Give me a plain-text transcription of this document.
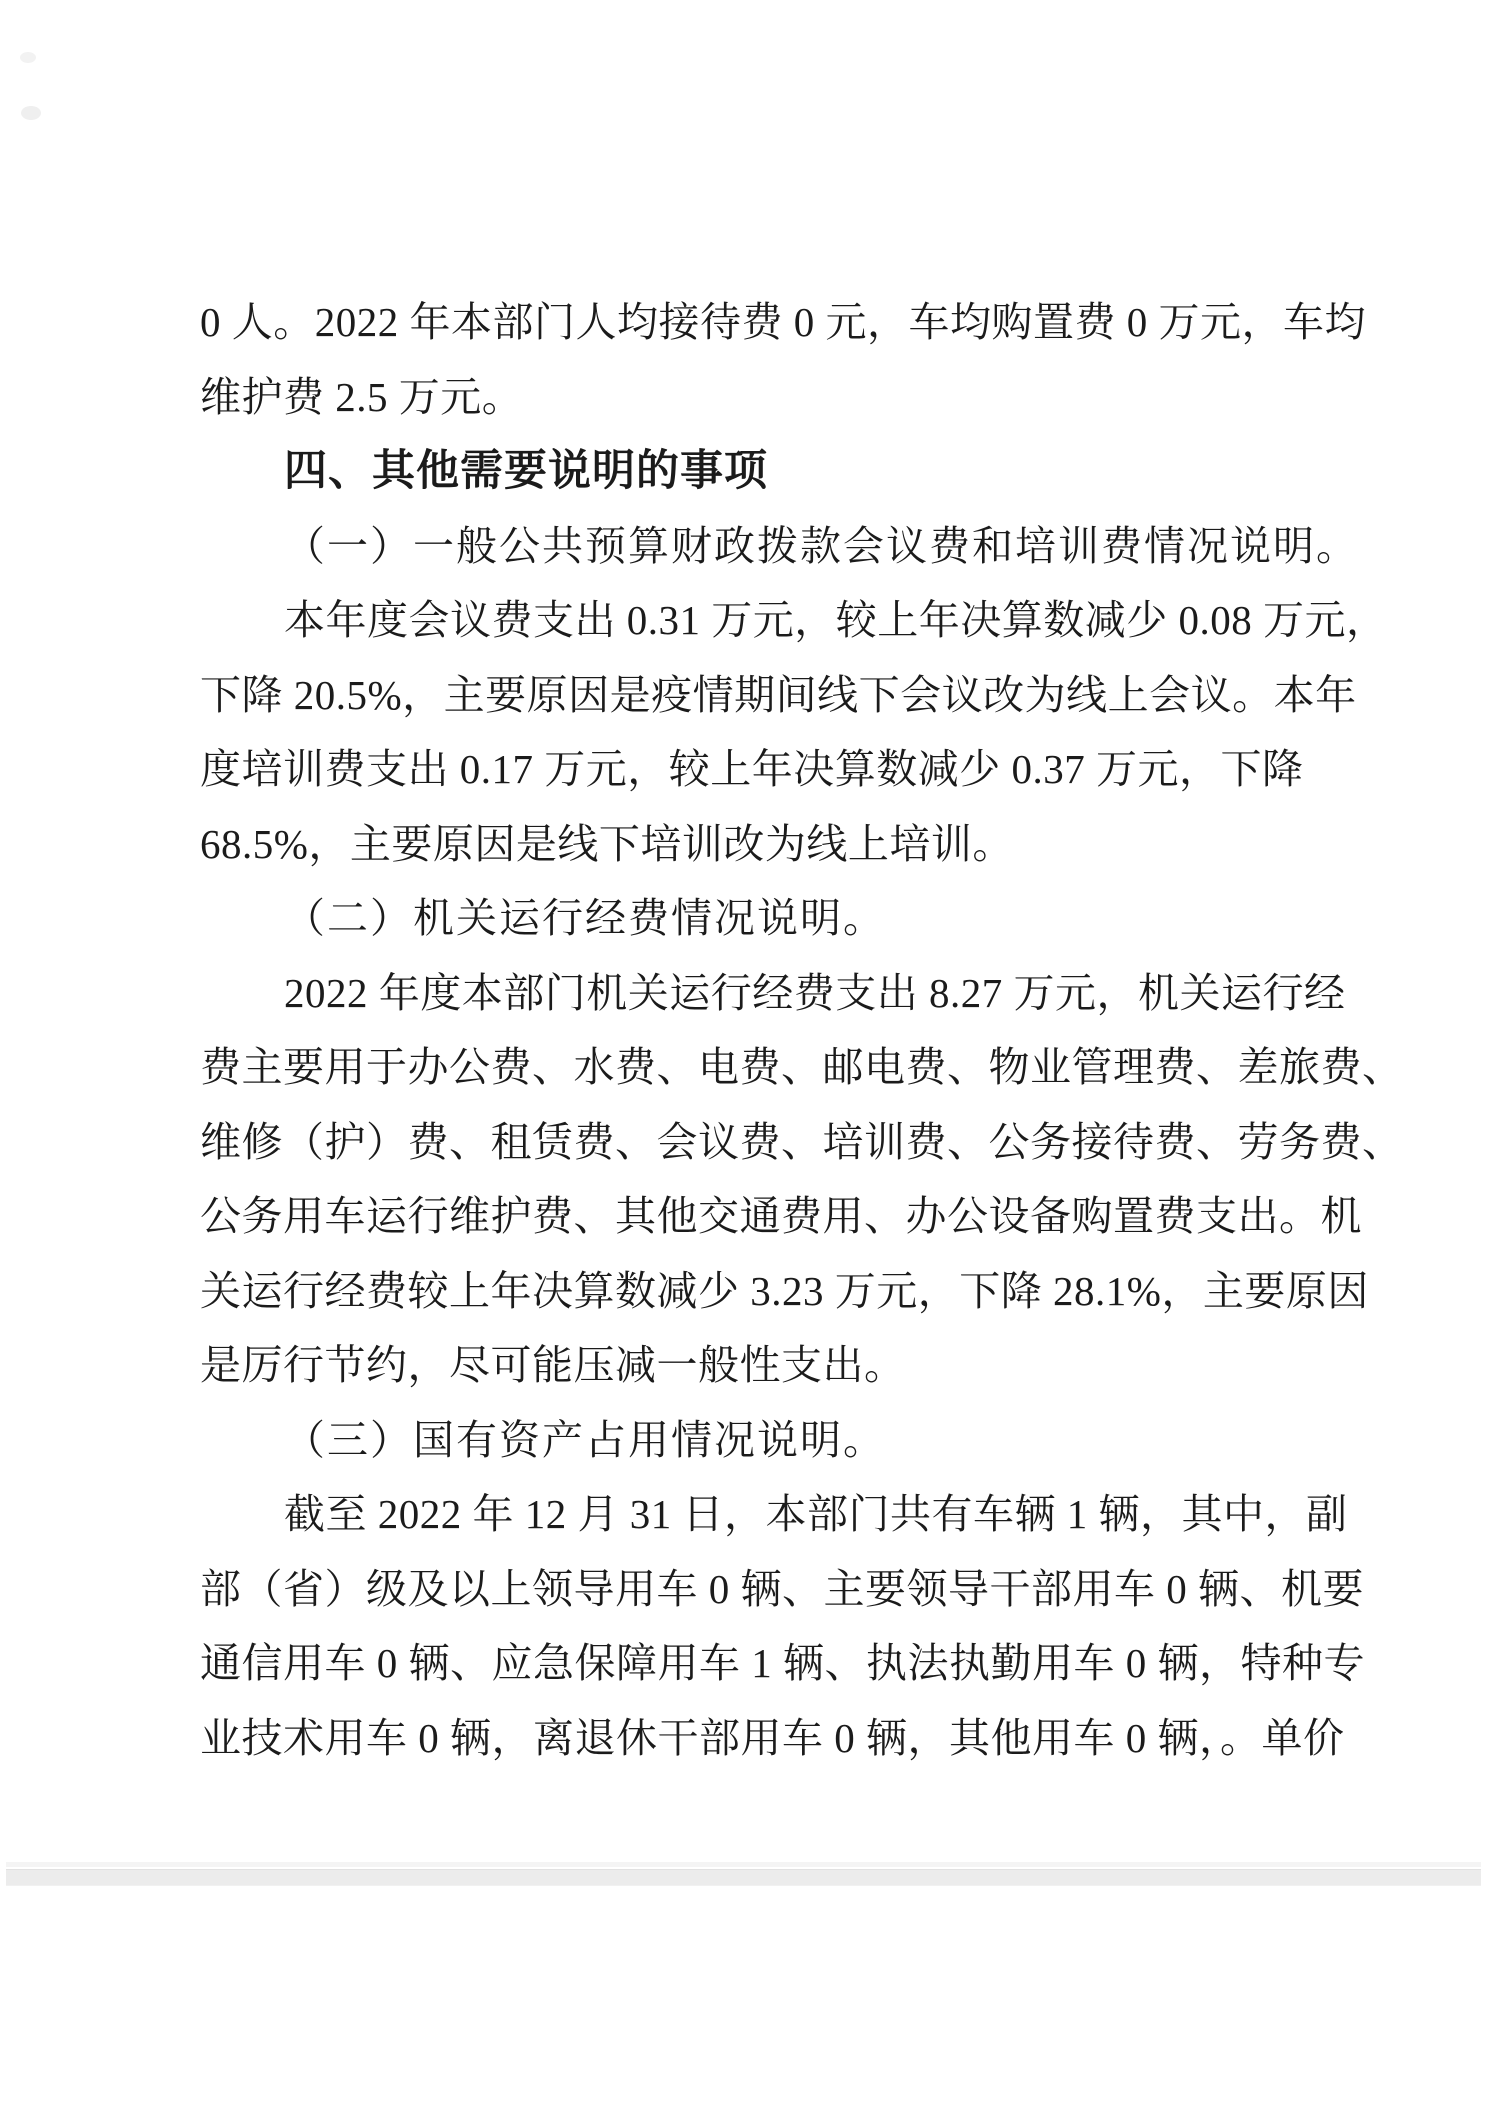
0 人。2022 年本部门人均接待费 0 元，车均购置费 0 万元，车均
维护费 2.5 万元。
四、其他需要说明的事项
（一）一般公共预算财政拨款会议费和培训费情况说明。
本年度会议费支出 0.31 万元，较上年决算数减少 0.08 万元，
下降 20.5%，主要原因是疫情期间线下会议改为线上会议。本年
度培训费支出 0.17 万元，较上年决算数减少 0.37 万元，下降
68.5%，主要原因是线下培训改为线上培训。
（二）机关运行经费情况说明。
2022 年度本部门机关运行经费支出 8.27 万元，机关运行经
费主要用于办公费、水费、电费、邮电费、物业管理费、差旅费、
维修（护）费、租赁费、会议费、培训费、公务接待费、劳务费、
公务用车运行维护费、其他交通费用、办公设备购置费支出。机
关运行经费较上年决算数减少 3.23 万元，下降 28.1%，主要原因
是厉行节约，尽可能压减一般性支出。
（三）国有资产占用情况说明。
截至 2022 年 12 月 31 日，本部门共有车辆 1 辆，其中，副
部（省）级及以上领导用车 0 辆、主要领导干部用车 0 辆、机要
通信用车 0 辆、应急保障用车 1 辆、执法执勤用车 0 辆，特种专
业技术用车 0 辆，离退休干部用车 0 辆，其他用车 0 辆，。单价
